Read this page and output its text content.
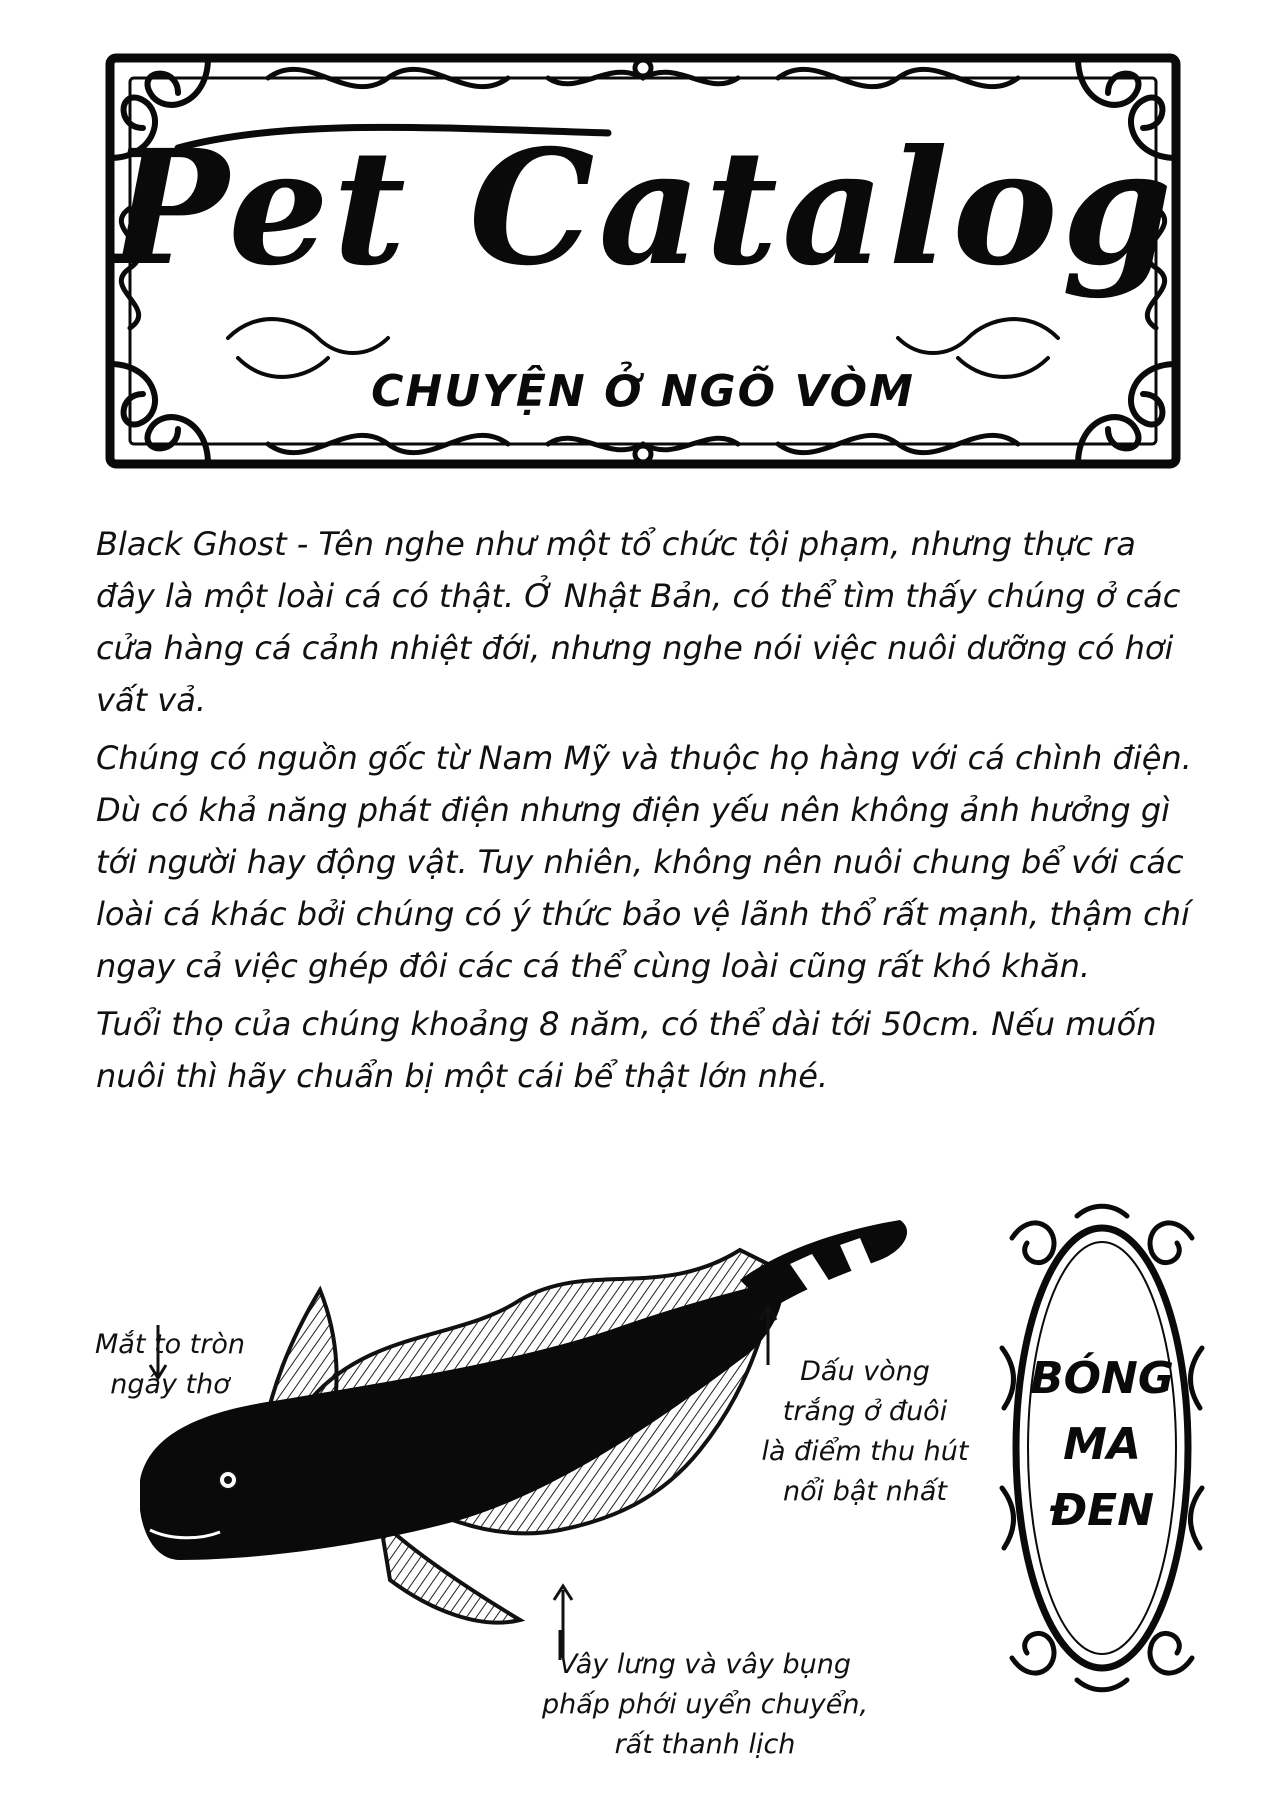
Pet Catalog
CHUYỆN Ở NGÕ VÒM

Black Ghost - Tên nghe như một tổ chức tội phạm, nhưng thực ra đây là một loài cá có thật. Ở Nhật Bản, có thể tìm thấy chúng ở các cửa hàng cá cảnh nhiệt đới, nhưng nghe nói việc nuôi dưỡng có hơi vất vả.

Chúng có nguồn gốc từ Nam Mỹ và thuộc họ hàng với cá chình điện. Dù có khả năng phát điện nhưng điện yếu nên không ảnh hưởng gì tới người hay động vật. Tuy nhiên, không nên nuôi chung bể với các loài cá khác bởi chúng có ý thức bảo vệ lãnh thổ rất mạnh, thậm chí ngay cả việc ghép đôi các cá thể cùng loài cũng rất khó khăn.

Tuổi thọ của chúng khoảng 8 năm, có thể dài tới 50cm. Nếu muốn nuôi thì hãy chuẩn bị một cái bể thật lớn nhé.

Mắt to tròn
ngây thơ	Dấu vòng
trắng ở đuôi
là điểm thu hút
nổi bật nhất
Vây lưng và vây bụng
phấp phới uyển chuyển,
rất thanh lịch
BÓNG
MA
ĐEN
